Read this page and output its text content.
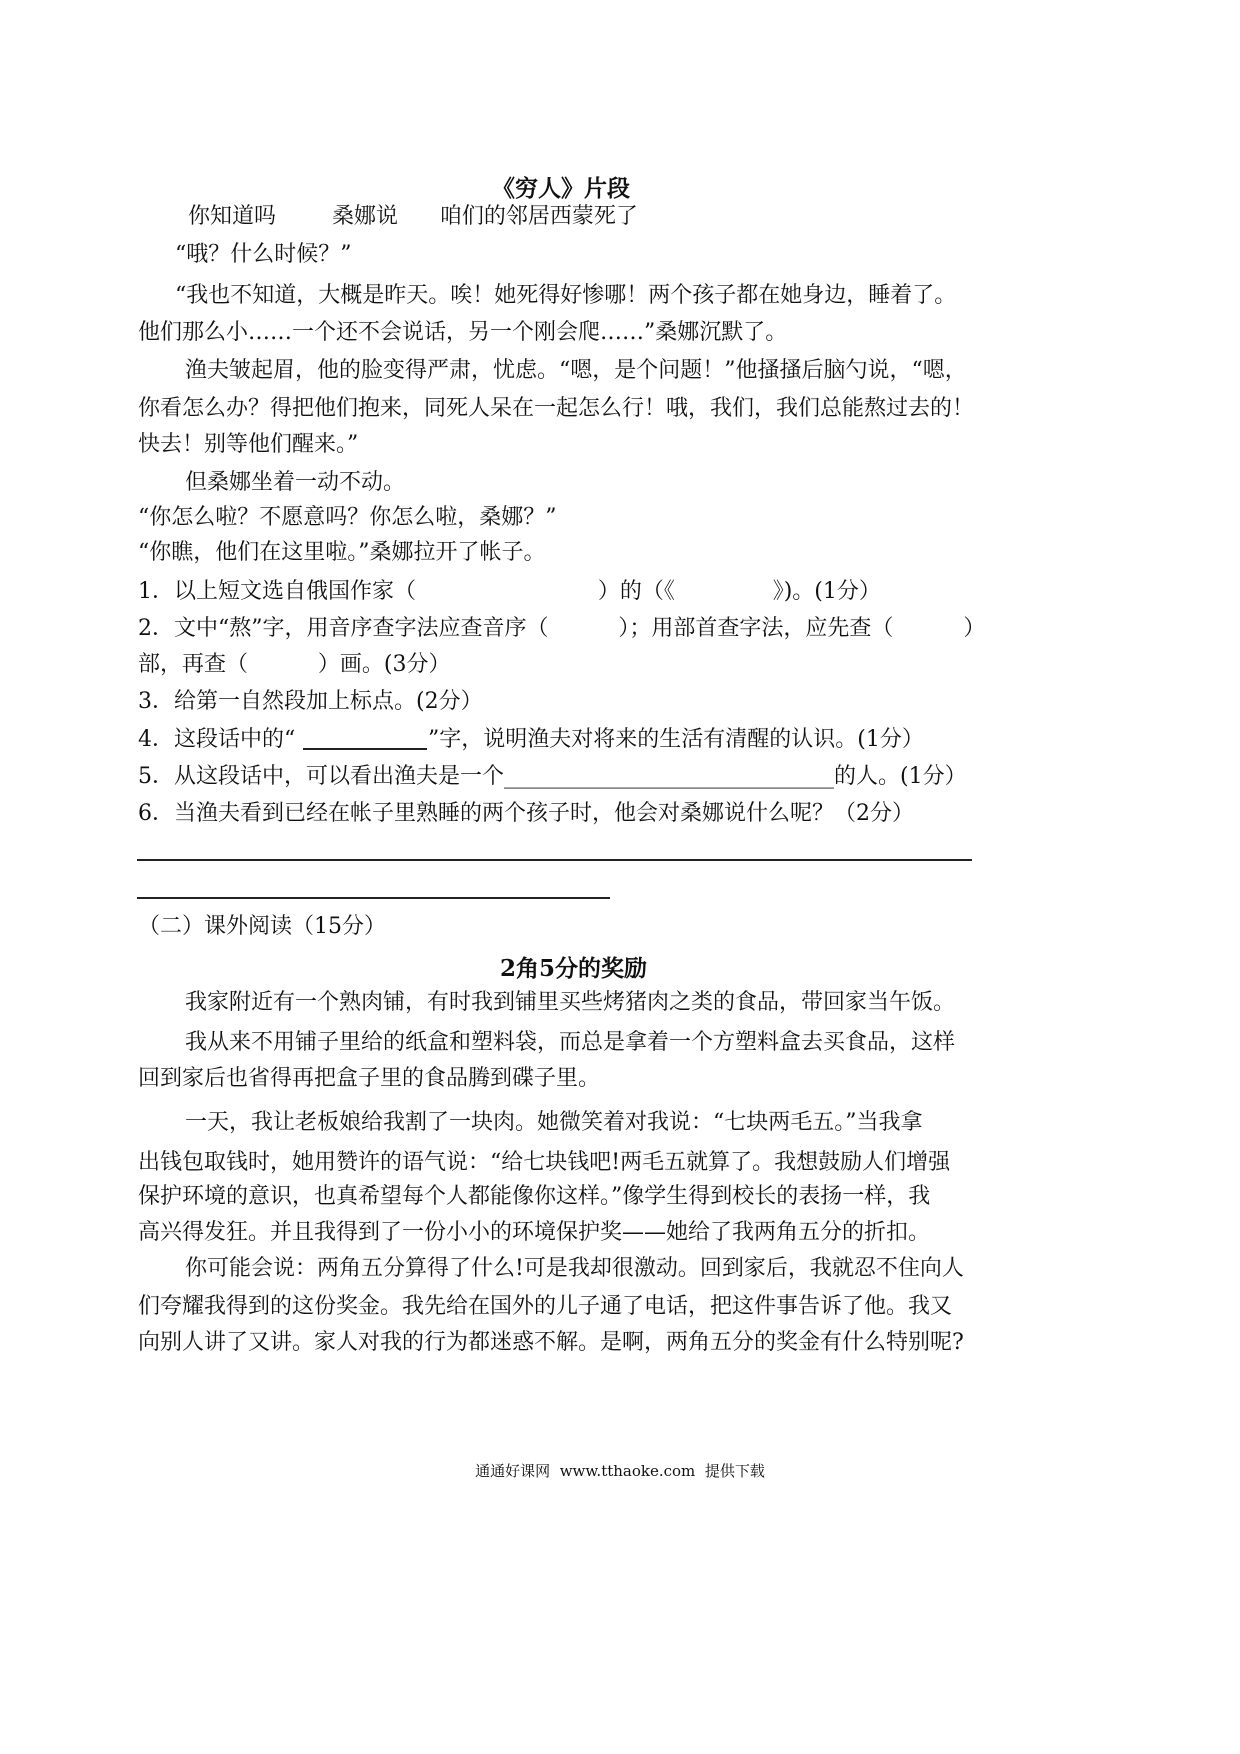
《穷人》片段
你知道吗        桑娜说      咱们的邻居西蒙死了
“哦？什么时候？”
“我也不知道，大概是昨天。唉！她死得好惨哪！两个孩子都在她身边，睡着了。
他们那么小……一个还不会说话，另一个刚会爬……”桑娜沉默了。
渔夫皱起眉，他的脸变得严肃，忧虑。“嗯，是个问题！”他搔搔后脑勺说，“嗯，
你看怎么办？得把他们抱来，同死人呆在一起怎么行！哦，我们，我们总能熬过去的！
快去！别等他们醒来。”
但桑娜坐着一动不动。
“你怎么啦？不愿意吗？你怎么啦，桑娜？”
“你瞧，他们在这里啦。”桑娜拉开了帐子。
1．以上短文选自俄国作家（                          ）的（《              》)。(1分）
2．文中“熬”字，用音序查字法应查音序（          ）；用部首查字法，应先查（          ）
部，再查（          ）画。(3分）
3．给第一自然段加上标点。(2分）
4．这段话中的“	”字，说明渔夫对将来的生活有清醒的认识。(1分）
5．从这段话中，可以看出渔夫是一个______________________________的人。(1分）
6．当渔夫看到已经在帐子里熟睡的两个孩子时，他会对桑娜说什么呢？（2分）
（二）课外阅读（15分）
2角5分的奖励
我家附近有一个熟肉铺，有时我到铺里买些烤猪肉之类的食品，带回家当午饭。
我从来不用铺子里给的纸盒和塑料袋，而总是拿着一个方塑料盒去买食品，这样
回到家后也省得再把盒子里的食品腾到碟子里。
一天，我让老板娘给我割了一块肉。她微笑着对我说：“七块两毛五。”当我拿
出钱包取钱时，她用赞许的语气说：“给七块钱吧!两毛五就算了。我想鼓励人们增强
保护环境的意识，也真希望每个人都能像你这样。”像学生得到校长的表扬一样，我
高兴得发狂。并且我得到了一份小小的环境保护奖——她给了我两角五分的折扣。
你可能会说：两角五分算得了什么!可是我却很激动。回到家后，我就忍不住向人
们夸耀我得到的这份奖金。我先给在国外的儿子通了电话，把这件事告诉了他。我又
向别人讲了又讲。家人对我的行为都迷惑不解。是啊，两角五分的奖金有什么特别呢?
通通好课网  www.tthaoke.com  提供下载
